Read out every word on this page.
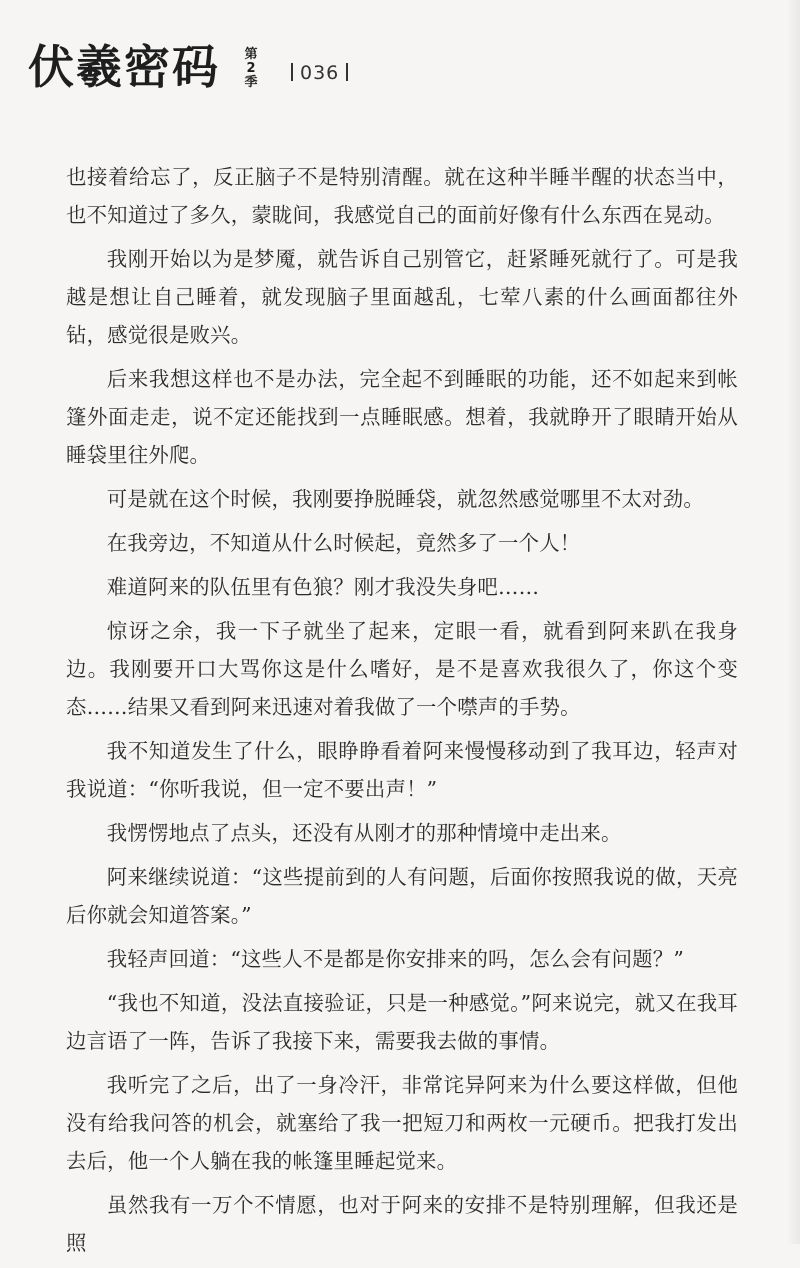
伏羲密码 第
2
季	036

也接着给忘了，反正脑子不是特别清醒。就在这种半睡半醒的状态当中，也不知道过了多久，蒙眬间，我感觉自己的面前好像有什么东西在晃动。

我刚开始以为是梦魇，就告诉自己别管它，赶紧睡死就行了。可是我越是想让自己睡着，就发现脑子里面越乱，七荤八素的什么画面都往外钻，感觉很是败兴。

后来我想这样也不是办法，完全起不到睡眠的功能，还不如起来到帐篷外面走走，说不定还能找到一点睡眠感。想着，我就睁开了眼睛开始从睡袋里往外爬。

可是就在这个时候，我刚要挣脱睡袋，就忽然感觉哪里不太对劲。

在我旁边，不知道从什么时候起，竟然多了一个人！

难道阿来的队伍里有色狼？刚才我没失身吧……

惊讶之余，我一下子就坐了起来，定眼一看，就看到阿来趴在我身边。我刚要开口大骂你这是什么嗜好，是不是喜欢我很久了，你这个变态……结果又看到阿来迅速对着我做了一个噤声的手势。

我不知道发生了什么，眼睁睁看着阿来慢慢移动到了我耳边，轻声对我说道：“你听我说，但一定不要出声！”

我愣愣地点了点头，还没有从刚才的那种情境中走出来。

阿来继续说道：“这些提前到的人有问题，后面你按照我说的做，天亮后你就会知道答案。”

我轻声回道：“这些人不是都是你安排来的吗，怎么会有问题？”

“我也不知道，没法直接验证，只是一种感觉。”阿来说完，就又在我耳边言语了一阵，告诉了我接下来，需要我去做的事情。

我听完了之后，出了一身冷汗，非常诧异阿来为什么要这样做，但他没有给我问答的机会，就塞给了我一把短刀和两枚一元硬币。把我打发出去后，他一个人躺在我的帐篷里睡起觉来。

虽然我有一万个不情愿，也对于阿来的安排不是特别理解，但我还是照
